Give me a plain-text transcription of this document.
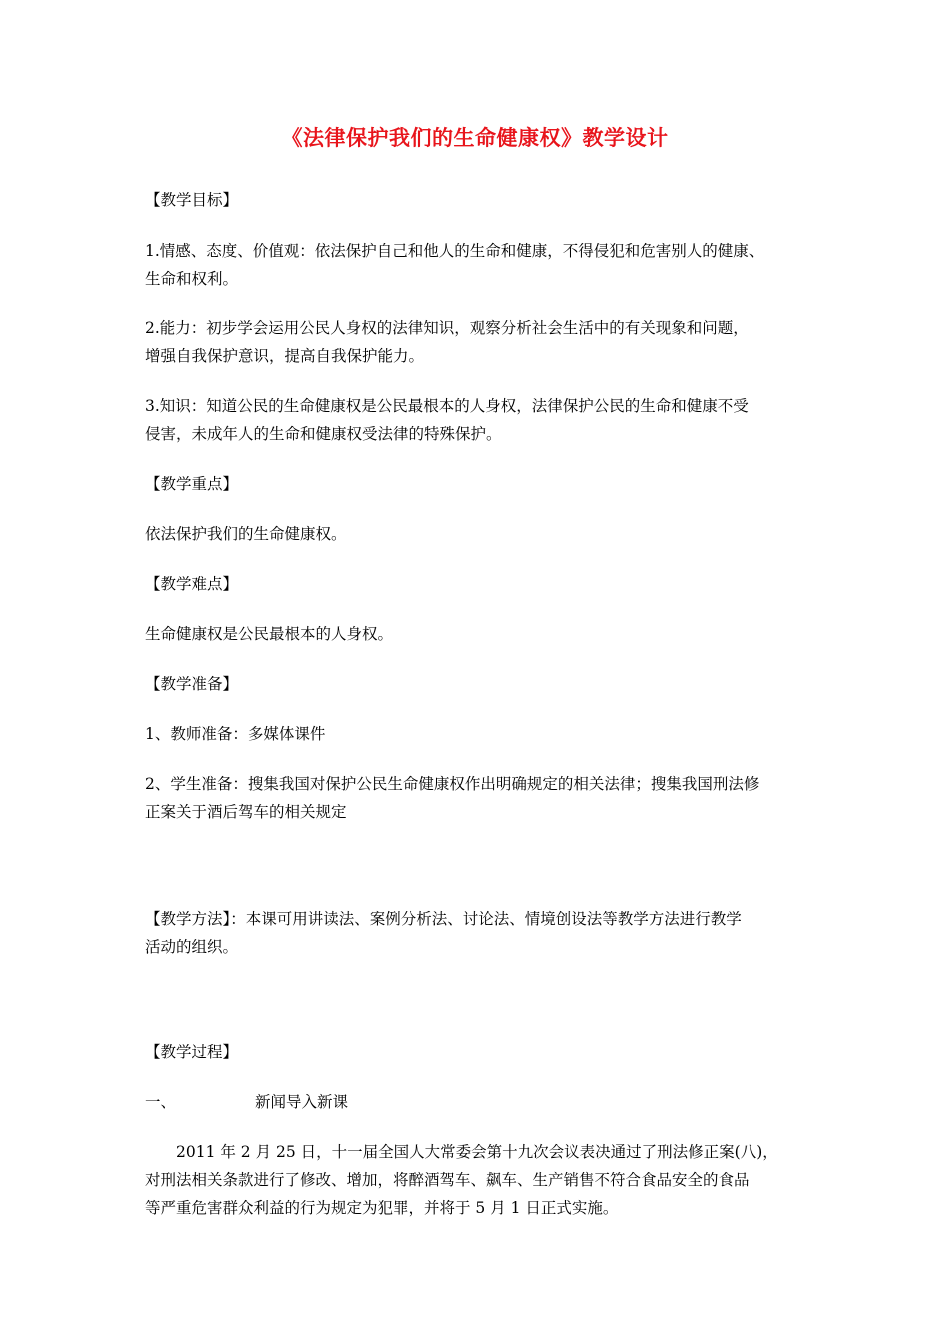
《法律保护我们的生命健康权》教学设计

【教学目标】

1.情感、态度、价值观：依法保护自己和他人的生命和健康，不得侵犯和危害别人的健康、

生命和权利。

2.能力：初步学会运用公民人身权的法律知识，观察分析社会生活中的有关现象和问题，

增强自我保护意识，提高自我保护能力。

3.知识：知道公民的生命健康权是公民最根本的人身权，法律保护公民的生命和健康不受

侵害，未成年人的生命和健康权受法律的特殊保护。

【教学重点】

依法保护我们的生命健康权。

【教学难点】

生命健康权是公民最根本的人身权。

【教学准备】

1、教师准备：多媒体课件

2、学生准备：搜集我国对保护公民生命健康权作出明确规定的相关法律；搜集我国刑法修

正案关于酒后驾车的相关规定

【教学方法】：本课可用讲读法、案例分析法、讨论法、情境创设法等教学方法进行教学

活动的组织。

【教学过程】

一、	新闻导入新课

2011 年 2 月 25 日，十一届全国人大常委会第十九次会议表决通过了刑法修正案(八)，

对刑法相关条款进行了修改、增加，将醉酒驾车、飙车、生产销售不符合食品安全的食品

等严重危害群众利益的行为规定为犯罪，并将于 5 月 1 日正式实施。
